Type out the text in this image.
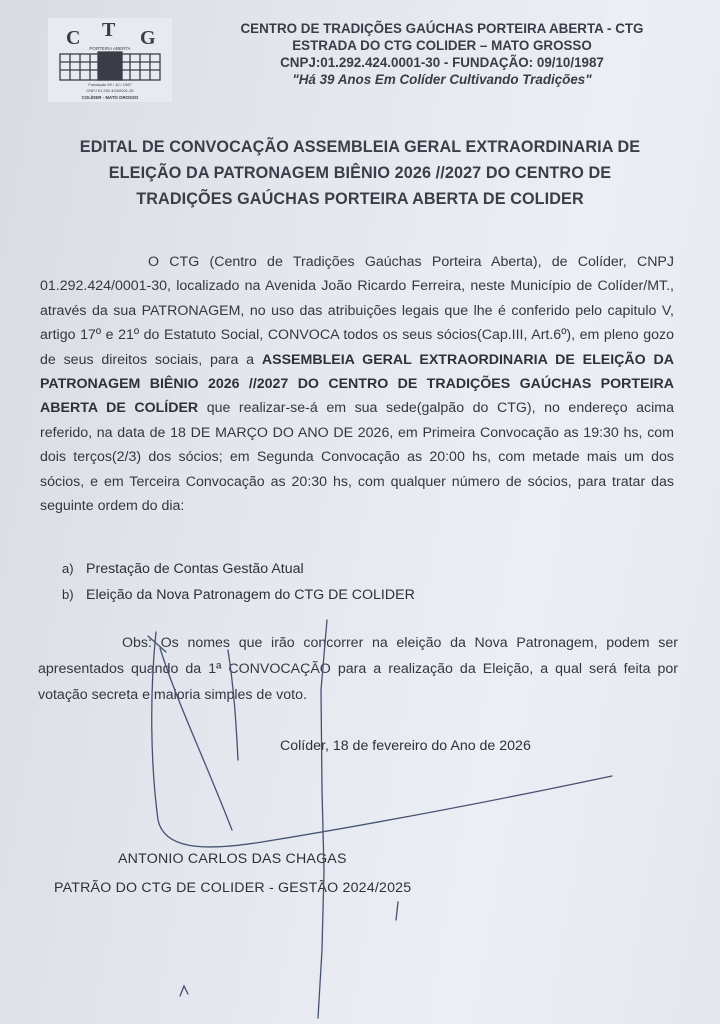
C T G
PORTEIRA ABERTA
Fundação 09 / 10 / 1987
CNPJ 01.292.424/0001-30
COLÍDER - MATO GROSSO
CENTRO DE TRADIÇÕES GAÚCHAS PORTEIRA ABERTA - CTG
ESTRADA DO CTG COLIDER – MATO GROSSO
CNPJ:01.292.424.0001-30 - FUNDAÇÃO: 09/10/1987
"Há 39 Anos Em Colíder Cultivando Tradições"
EDITAL DE CONVOCAÇÃO ASSEMBLEIA GERAL EXTRAORDINARIA DE
ELEIÇÃO DA PATRONAGEM BIÊNIO 2026 //2027 DO CENTRO DE
TRADIÇÕES GAÚCHAS PORTEIRA ABERTA DE COLIDER
O CTG (Centro de Tradições Gaúchas Porteira Aberta), de Colíder, CNPJ 01.292.424/0001-30, localizado na Avenida João Ricardo Ferreira, neste Município de Colíder/MT., através da sua PATRONAGEM, no uso das atribuições legais que lhe é conferido pelo capitulo V, artigo 17º e 21º do Estatuto Social, CONVOCA todos os seus sócios(Cap.III, Art.6º), em pleno gozo de seus direitos sociais, para a ASSEMBLEIA GERAL EXTRAORDINARIA DE ELEIÇÃO DA PATRONAGEM BIÊNIO 2026 //2027 DO CENTRO DE TRADIÇÕES GAÚCHAS PORTEIRA ABERTA DE COLÍDER que realizar-se-á em sua sede(galpão do CTG), no endereço acima referido, na data de 18 DE MARÇO DO ANO DE 2026, em Primeira Convocação as 19:30 hs, com dois terços(2/3) dos sócios; em Segunda Convocação as 20:00 hs, com metade mais um dos sócios, e em Terceira Convocação as 20:30 hs, com qualquer número de sócios, para tratar das seguinte ordem do dia:
a) Prestação de Contas Gestão Atual
b) Eleição da Nova Patronagem do CTG DE COLIDER
Obs: Os nomes que irão concorrer na eleição da Nova Patronagem, podem ser apresentados quando da 1ª CONVOCAÇÃO para a realização da Eleição, a qual será feita por votação secreta e maioria simples de voto.
Colíder, 18 de fevereiro do Ano de 2026
ANTONIO CARLOS DAS CHAGAS
PATRÃO DO CTG DE COLIDER - GESTÃO 2024/2025
